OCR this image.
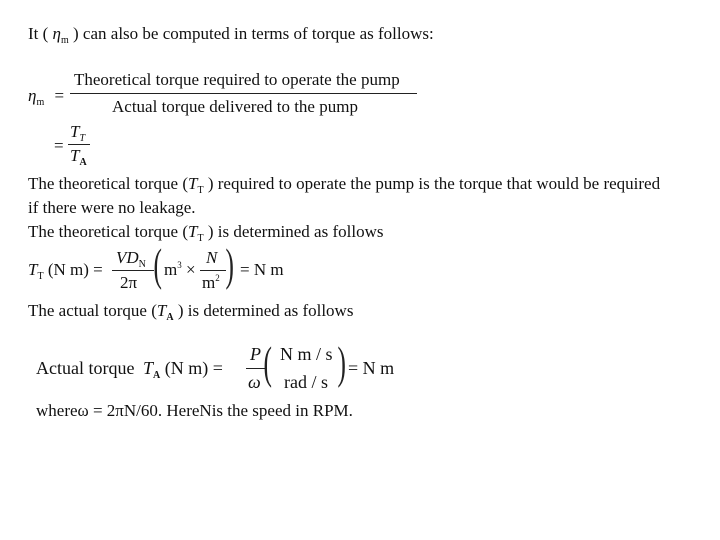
It ( $\eta_m$ ) can also be computed in terms of torque as follows:
$\eta_m$ =
Theoretical torque required to operate the pump
Actual torque delivered to the pump
=
$T_T$
$T_A$
The theoretical torque ($T_T$ ) required to operate the pump is the torque that would be required
if there were no leakage.
The theoretical torque ($T_T$ ) is determined as follows
$T_T$ (N m) =
$VD_N$
2π ( $m^3$ ×
N
$m^2$ ) = N m
The actual torque ($T_A$ ) is determined as follows
Actual torque $T_A$ (N m) =
P
ω ( N m / s
rad / s ) = N m
whereω = 2πN/60. HereNis the speed in RPM.
